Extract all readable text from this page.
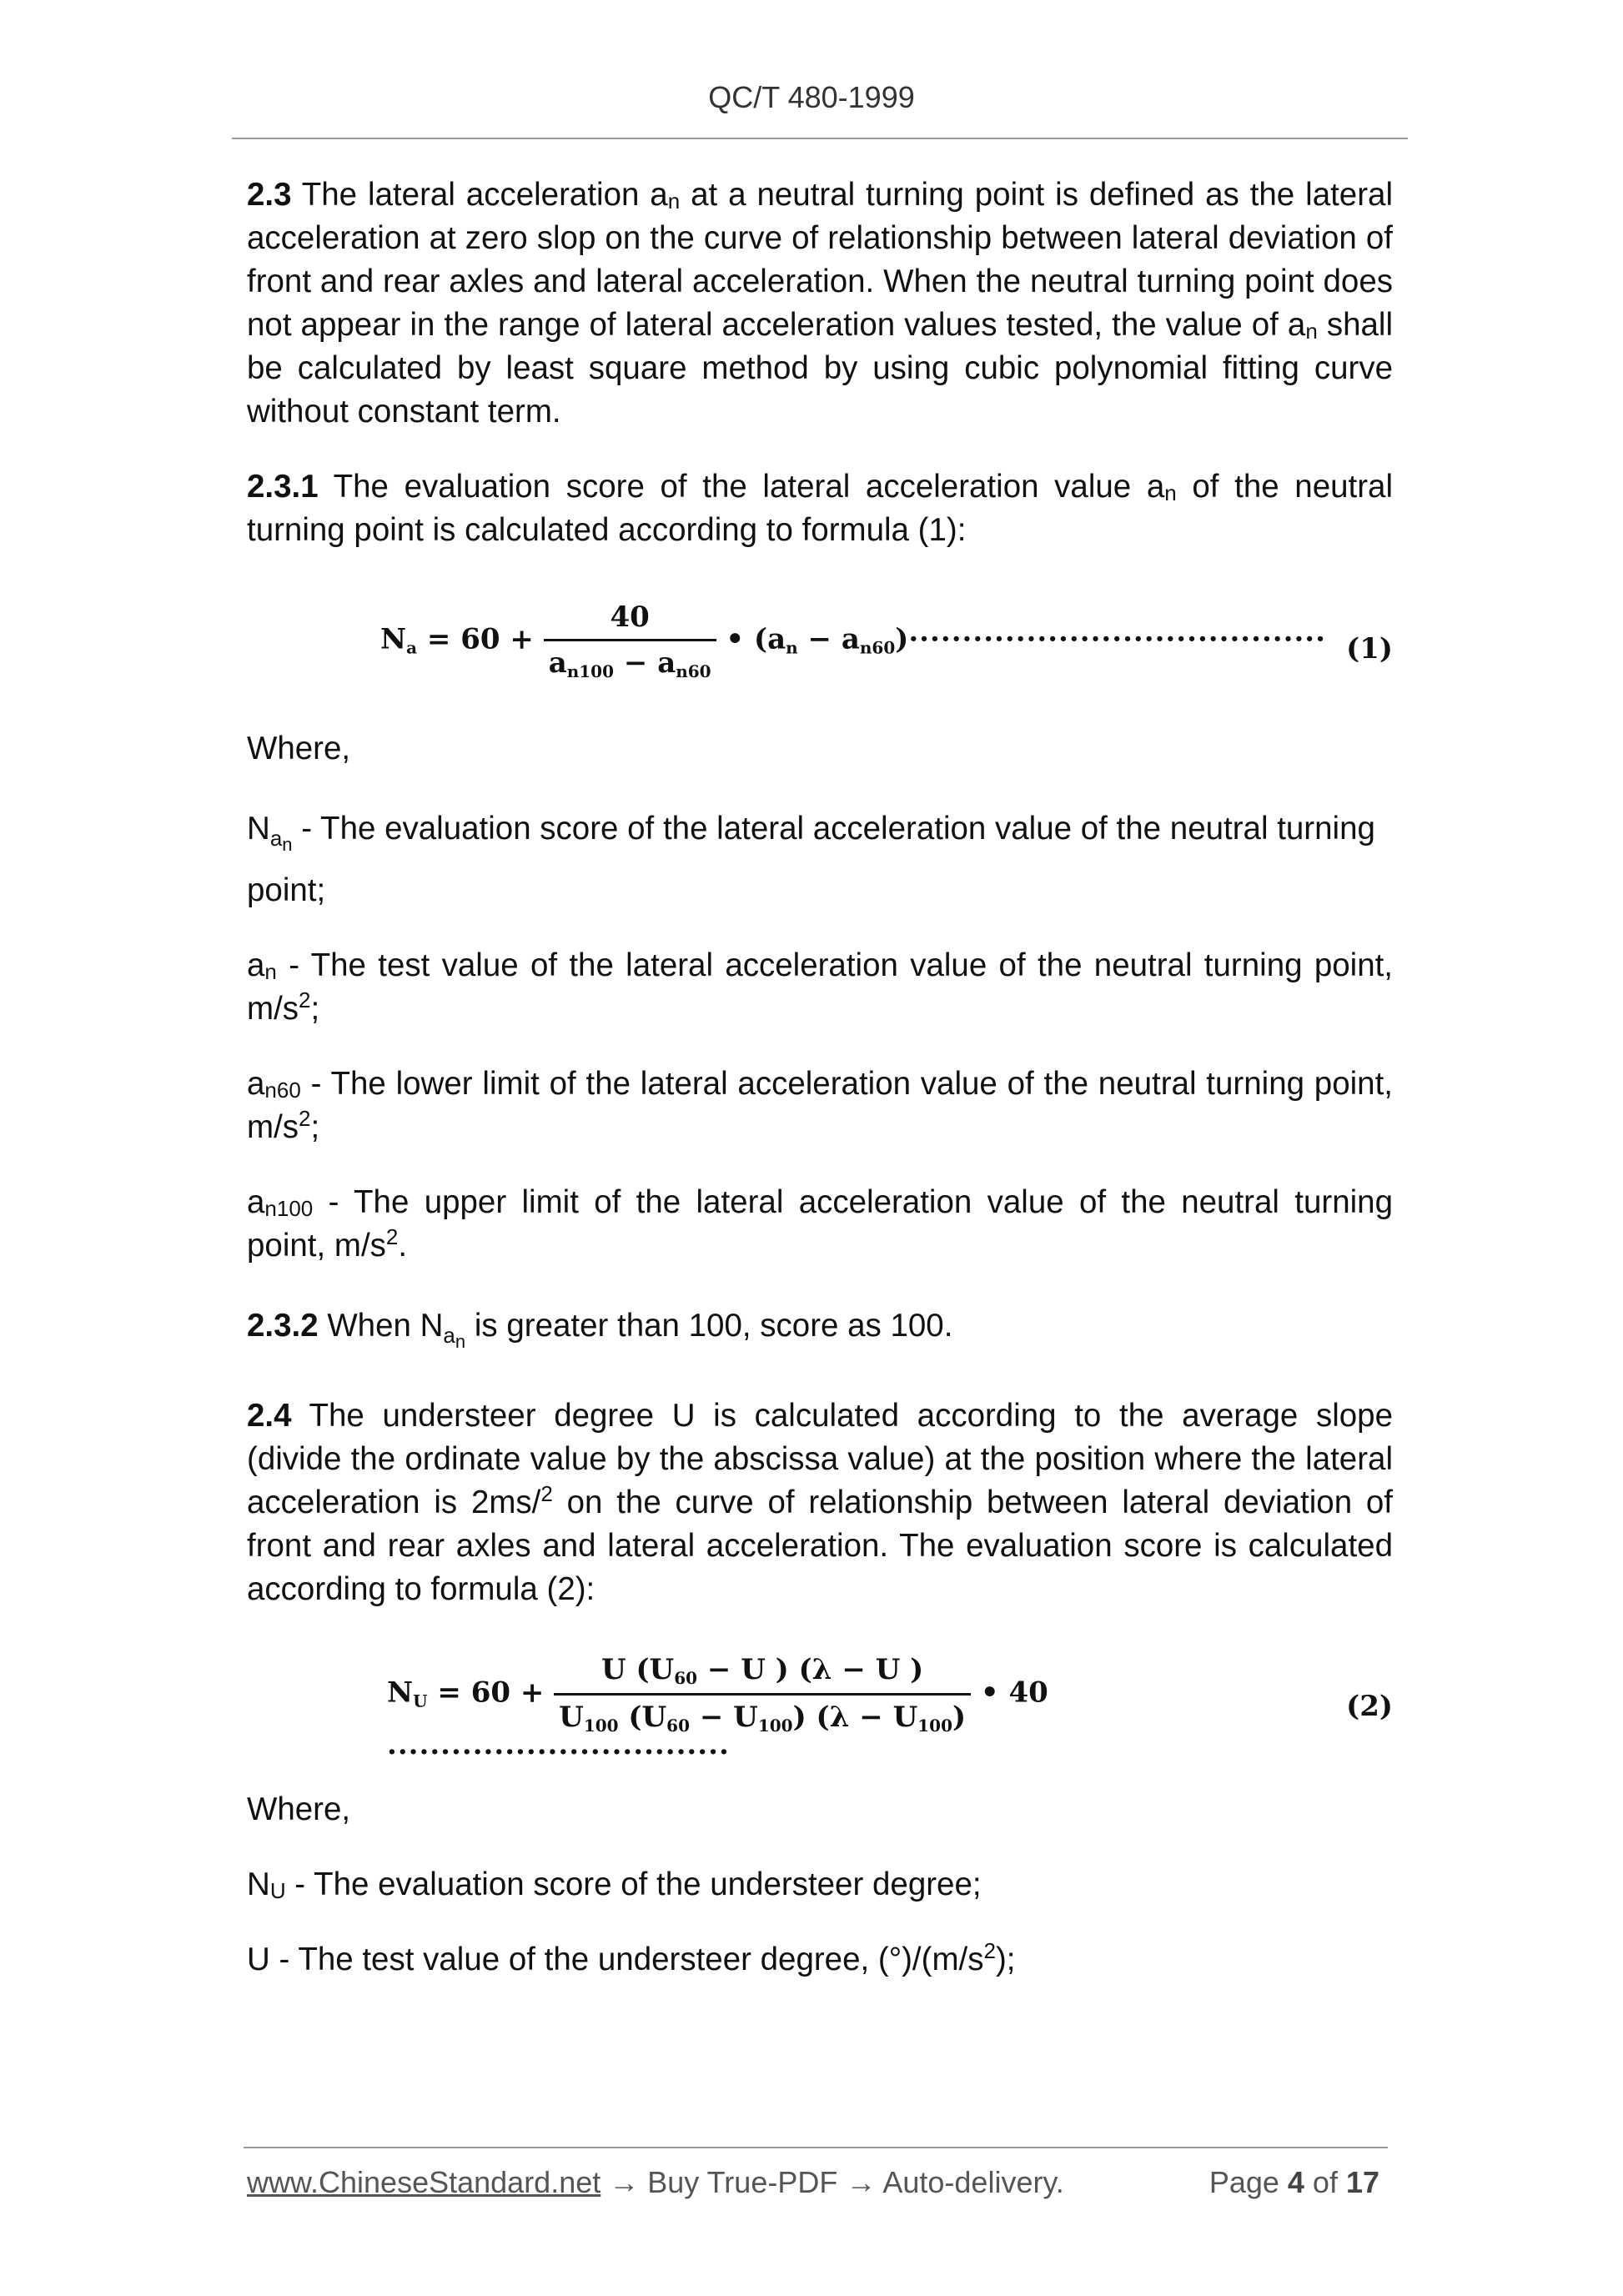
QC/T 480-1999

2.3 The lateral acceleration an at a neutral turning point is defined as the lateral acceleration at zero slop on the curve of relationship between lateral deviation of front and rear axles and lateral acceleration. When the neutral turning point does not appear in the range of lateral acceleration values tested, the value of an shall be calculated by least square method by using cubic polynomial fitting curve without constant term.

2.3.1 The evaluation score of the lateral acceleration value an of the neutral turning point is calculated according to formula (1):

$Na = 60 + \frac{40}{an100 - an60}$ • (an − an60)······································· (1)

Where,

$N_{a_n}$ - The evaluation score of the lateral acceleration value of the neutral turning

point;

an - The test value of the lateral acceleration value of the neutral turning point, $m/s^2$;

an60 - The lower limit of the lateral acceleration value of the neutral turning point, $m/s^2$;

an100 - The upper limit of the lateral acceleration value of the neutral turning point, $m/s^2$.

2.3.2 When $N_{a_n}$ is greater than 100, score as 100.

2.4 The understeer degree U is calculated according to the average slope (divide the ordinate value by the abscissa value) at the position where the lateral acceleration is 2ms/$^2$ on the curve of relationship between lateral deviation of front and rear axles and lateral acceleration. The evaluation score is calculated according to formula (2):

NU = $60 + \frac{U (U60 - U ) (\lambda - U )}{U100 (U60 - U100) (\lambda - U100)}$ • 40 ································
(2)

Where,

NU - The evaluation score of the understeer degree;

U - The test value of the understeer degree, $(^\circ)/(m/s^2)$;

www.ChineseStandard.net → Buy True-PDF → Auto-delivery.	Page 4 of 17
